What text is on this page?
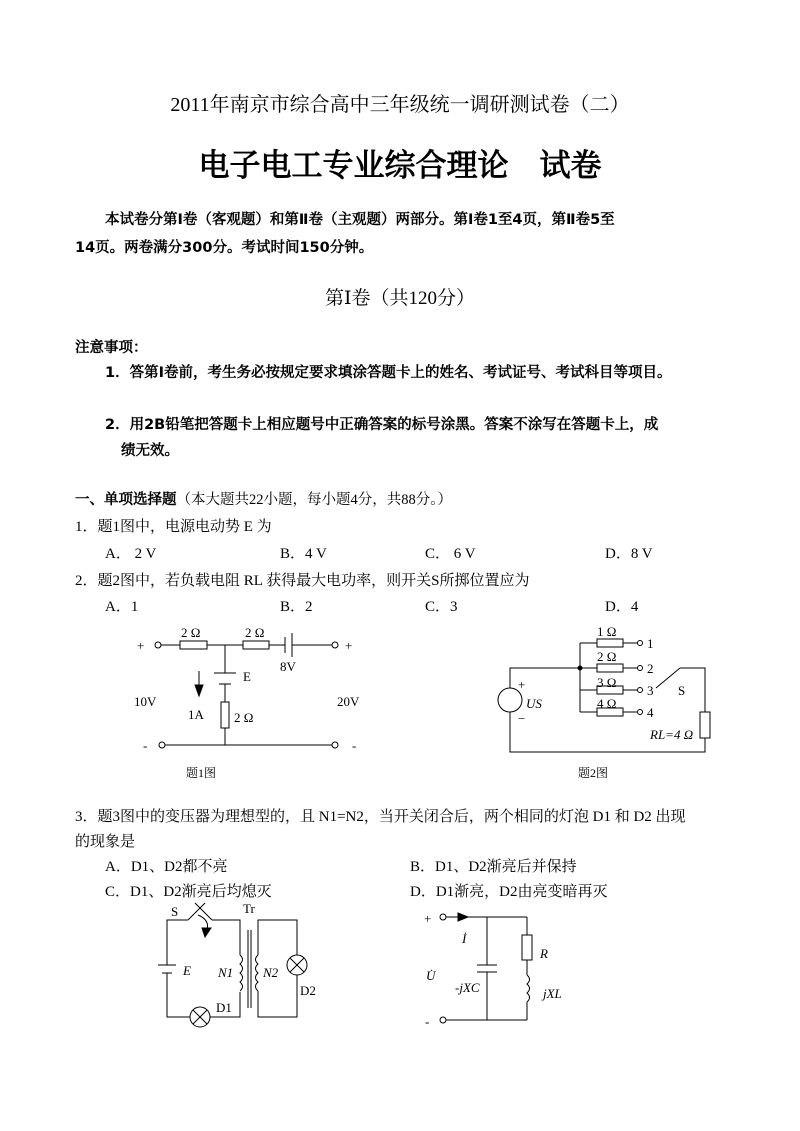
2011年南京市综合高中三年级统一调研测试卷（二）
电子电工专业综合理论　试卷
本试卷分第Ⅰ卷（客观题）和第Ⅱ卷（主观题）两部分。第Ⅰ卷1至4页，第Ⅱ卷5至
14页。两卷满分300分。考试时间150分钟。
第Ⅰ卷（共120分）
注意事项：
1．答第Ⅰ卷前，考生务必按规定要求填涂答题卡上的姓名、考试证号、考试科目等项目。
2．用2B铅笔把答题卡上相应题号中正确答案的标号涂黑。答案不涂写在答题卡上，成
绩无效。
一、单项选择题（本大题共22小题，每小题4分，共88分。）
1．题1图中，电源电动势 E 为
A． 2 V	B．4 V	C． 6 V	D．8 V
2．题2图中，若负载电阻 RL 获得最大电功率，则开关S所掷位置应为
A．1	B．2	C．3	D．4
3．题3图中的变压器为理想型的，且 N1=N2，当开关闭合后，两个相同的灯泡 D1 和 D2 出现
的现象是
A．D1、D2都不亮	B．D1、D2渐亮后并保持
C．D1、D2渐亮后均熄灭	D．D1渐亮，D2由亮变暗再灭
+	+
-	-
2 Ω	2 Ω
8V
E
10V	20V
1A 2 Ω
题1图
1 Ω
2 Ω
3 Ω
4 Ω
1
2
3
4
S
+
−
US
RL=4 Ω
题2图
S	Tr
E N1 N2
D1
D2
+
-
İ
U̇
-jXC
R
jXL
